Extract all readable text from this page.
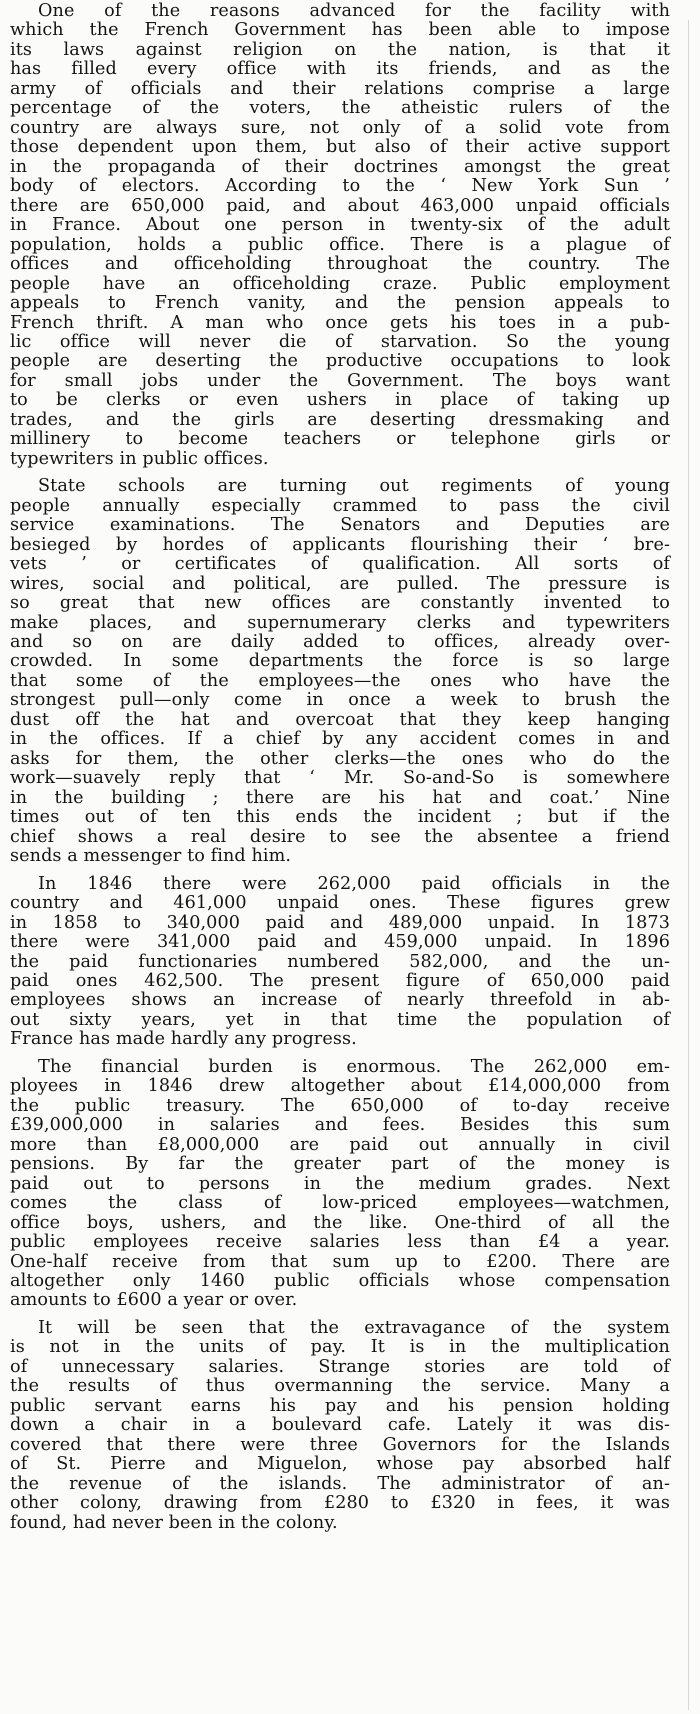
One of the reasons advanced for the facility with
which the French Government has been able to impose
its laws against religion on the nation, is that it
has filled every office with its friends, and as the
army of officials and their relations comprise a large
percentage of the voters, the atheistic rulers of the
country are always sure, not only of a solid vote from
those dependent upon them, but also of their active support
in the propaganda of their doctrines amongst the great
body of electors. According to the ‘ New York Sun ’
there are 650,000 paid, and about 463,000 unpaid officials
in France. About one person in twenty-six of the adult
population, holds a public office. There is a plague of
offices and officeholding throughoat the country. The
people have an officeholding craze. Public employment
appeals to French vanity, and the pension appeals to
French thrift. A man who once gets his toes in a pub-
lic office will never die of starvation. So the young
people are deserting the productive occupations to look
for small jobs under the Government. The boys want
to be clerks or even ushers in place of taking up
trades, and the girls are deserting dressmaking and
millinery to become teachers or telephone girls or
typewriters in public offices.
State schools are turning out regiments of young
people annually especially crammed to pass the civil
service examinations. The Senators and Deputies are
besieged by hordes of applicants flourishing their ‘ bre-
vets ’ or certificates of qualification. All sorts of
wires, social and political, are pulled. The pressure is
so great that new offices are constantly invented to
make places, and supernumerary clerks and typewriters
and so on are daily added to offices, already over-
crowded. In some departments the force is so large
that some of the employees—the ones who have the
strongest pull—only come in once a week to brush the
dust off the hat and overcoat that they keep hanging
in the offices. If a chief by any accident comes in and
asks for them, the other clerks—the ones who do the
work—suavely reply that ‘ Mr. So-and-So is somewhere
in the building ; there are his hat and coat.’ Nine
times out of ten this ends the incident ; but if the
chief shows a real desire to see the absentee a friend
sends a messenger to find him.
In 1846 there were 262,000 paid officials in the
country and 461,000 unpaid ones. These figures grew
in 1858 to 340,000 paid and 489,000 unpaid. In 1873
there were 341,000 paid and 459,000 unpaid. In 1896
the paid functionaries numbered 582,000, and the un-
paid ones 462,500. The present figure of 650,000 paid
employees shows an increase of nearly threefold in ab-
out sixty years, yet in that time the population of
France has made hardly any progress.
The financial burden is enormous. The 262,000 em-
ployees in 1846 drew altogether about £14,000,000 from
the public treasury. The 650,000 of to-day receive
£39,000,000 in salaries and fees. Besides this sum
more than £8,000,000 are paid out annually in civil
pensions. By far the greater part of the money is
paid out to persons in the medium grades. Next
comes the class of low-priced employees—watchmen,
office boys, ushers, and the like. One-third of all the
public employees receive salaries less than £4 a year.
One-half receive from that sum up to £200. There are
altogether only 1460 public officials whose compensation
amounts to £600 a year or over.
It will be seen that the extravagance of the system
is not in the units of pay. It is in the multiplication
of unnecessary salaries. Strange stories are told of
the results of thus overmanning the service. Many a
public servant earns his pay and his pension holding
down a chair in a boulevard cafe. Lately it was dis-
covered that there were three Governors for the Islands
of St. Pierre and Miguelon, whose pay absorbed half
the revenue of the islands. The administrator of an-
other colony, drawing from £280 to £320 in fees, it was
found, had never been in the colony.
